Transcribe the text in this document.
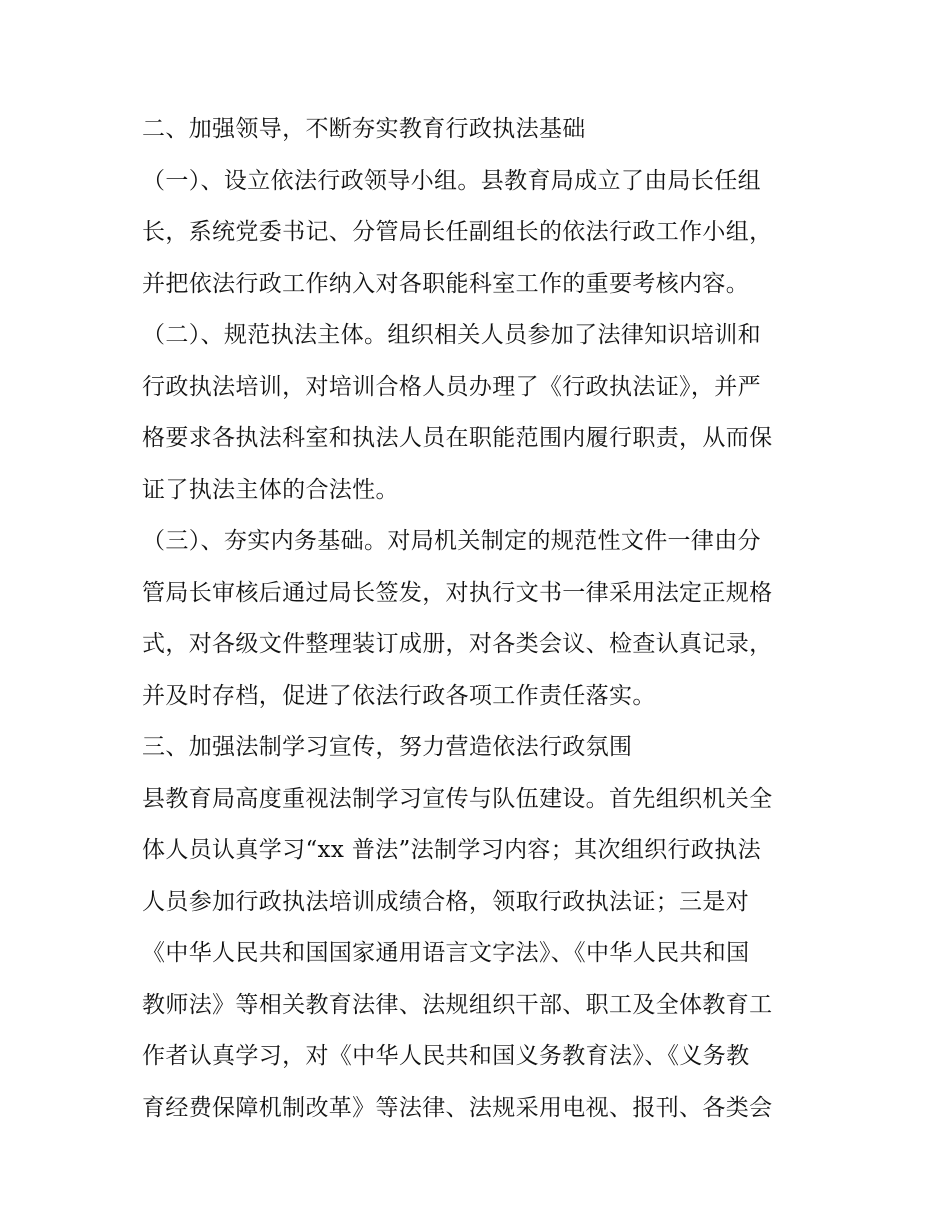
二、加强领导，不断夯实教育行政执法基础
（一）、设立依法行政领导小组。县教育局成立了由局长任组
长，系统党委书记、分管局长任副组长的依法行政工作小组，
并把依法行政工作纳入对各职能科室工作的重要考核内容。
（二）、规范执法主体。组织相关人员参加了法律知识培训和
行政执法培训，对培训合格人员办理了《行政执法证》，并严
格要求各执法科室和执法人员在职能范围内履行职责，从而保
证了执法主体的合法性。
（三）、夯实内务基础。对局机关制定的规范性文件一律由分
管局长审核后通过局长签发，对执行文书一律采用法定正规格
式，对各级文件整理装订成册，对各类会议、检查认真记录，
并及时存档，促进了依法行政各项工作责任落实。
三、加强法制学习宣传，努力营造依法行政氛围
县教育局高度重视法制学习宣传与队伍建设。首先组织机关全
体人员认真学习“xx 普法”法制学习内容；其次组织行政执法
人员参加行政执法培训成绩合格，领取行政执法证；三是对
《中华人民共和国国家通用语言文字法》、《中华人民共和国
教师法》等相关教育法律、法规组织干部、职工及全体教育工
作者认真学习，对《中华人民共和国义务教育法》、《义务教
育经费保障机制改革》等法律、法规采用电视、报刊、各类会
